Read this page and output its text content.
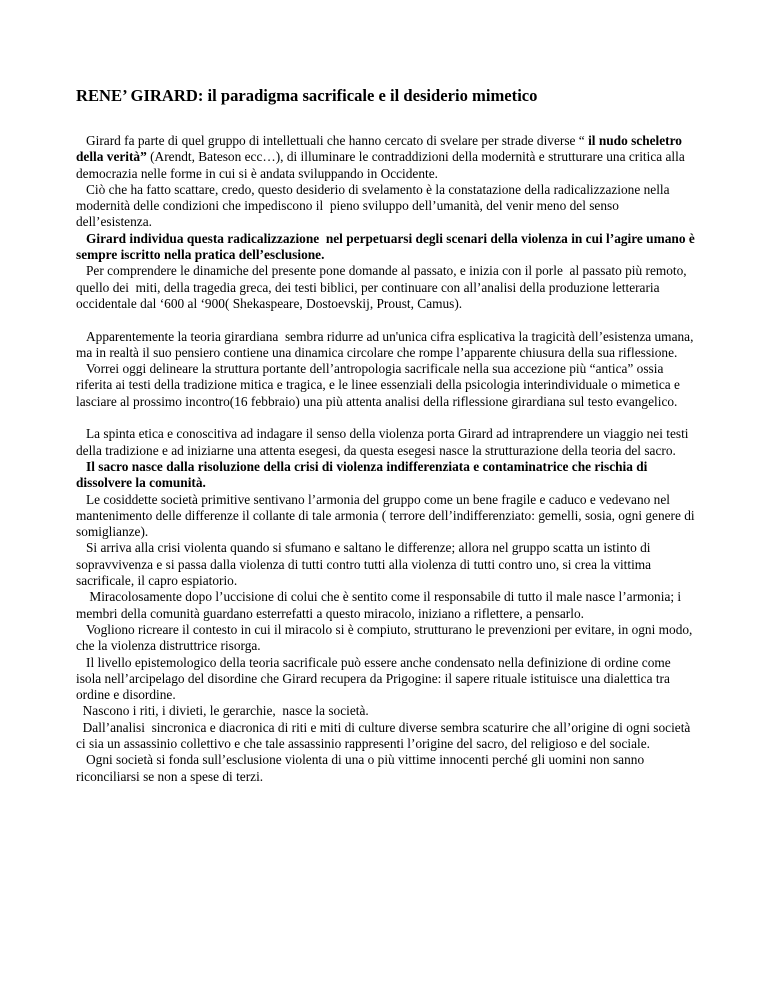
RENE’ GIRARD: il paradigma sacrificale e il desiderio mimetico

Girard fa parte di quel gruppo di intellettuali che hanno cercato di svelare per strade diverse “ il nudo scheletro della verità” (Arendt, Bateson ecc…), di illuminare le contraddizioni della modernità e strutturare una critica alla democrazia nelle forme in cui si è andata sviluppando in Occidente.

Ciò che ha fatto scattare, credo, questo desiderio di svelamento è la constatazione della radicalizzazione nella modernità delle condizioni che impediscono il  pieno sviluppo dell’umanità, del venir meno del senso dell’esistenza.

Girard individua questa radicalizzazione  nel perpetuarsi degli scenari della violenza in cui l’agire umano è sempre iscritto nella pratica dell’esclusione.

Per comprendere le dinamiche del presente pone domande al passato, e inizia con il porle  al passato più remoto, quello dei  miti, della tragedia greca, dei testi biblici, per continuare con all’analisi della produzione letteraria occidentale dal ‘600 al ‘900( Shekaspeare, Dostoevskij, Proust, Camus).

Apparentemente la teoria girardiana  sembra ridurre ad un'unica cifra esplicativa la tragicità dell’esistenza umana, ma in realtà il suo pensiero contiene una dinamica circolare che rompe l’apparente chiusura della sua riflessione.

Vorrei oggi delineare la struttura portante dell’antropologia sacrificale nella sua accezione più “antica” ossia riferita ai testi della tradizione mitica e tragica, e le linee essenziali della psicologia interindividuale o mimetica e lasciare al prossimo incontro(16 febbraio) una più attenta analisi della riflessione girardiana sul testo evangelico.

La spinta etica e conoscitiva ad indagare il senso della violenza porta Girard ad intraprendere un viaggio nei testi della tradizione e ad iniziarne una attenta esegesi, da questa esegesi nasce la strutturazione della teoria del sacro.

Il sacro nasce dalla risoluzione della crisi di violenza indifferenziata e contaminatrice che rischia di dissolvere la comunità.

Le cosiddette società primitive sentivano l’armonia del gruppo come un bene fragile e caduco e vedevano nel mantenimento delle differenze il collante di tale armonia ( terrore dell’indifferenziato: gemelli, sosia, ogni genere di somiglianze).

Si arriva alla crisi violenta quando si sfumano e saltano le differenze; allora nel gruppo scatta un istinto di sopravvivenza e si passa dalla violenza di tutti contro tutti alla violenza di tutti contro uno, si crea la vittima sacrificale, il capro espiatorio.

Miracolosamente dopo l’uccisione di colui che è sentito come il responsabile di tutto il male nasce l’armonia; i membri della comunità guardano esterrefatti a questo miracolo, iniziano a riflettere, a pensarlo.

Vogliono ricreare il contesto in cui il miracolo si è compiuto, strutturano le prevenzioni per evitare, in ogni modo, che la violenza distruttrice risorga.

Il livello epistemologico della teoria sacrificale può essere anche condensato nella definizione di ordine come isola nell’arcipelago del disordine che Girard recupera da Prigogine: il sapere rituale istituisce una dialettica tra ordine e disordine.

Nascono i riti, i divieti, le gerarchie,  nasce la società.

Dall’analisi  sincronica e diacronica di riti e miti di culture diverse sembra scaturire che all’origine di ogni società ci sia un assassinio collettivo e che tale assassinio rappresenti l’origine del sacro, del religioso e del sociale.

Ogni società si fonda sull’esclusione violenta di una o più vittime innocenti perché gli uomini non sanno riconciliarsi se non a spese di terzi.
